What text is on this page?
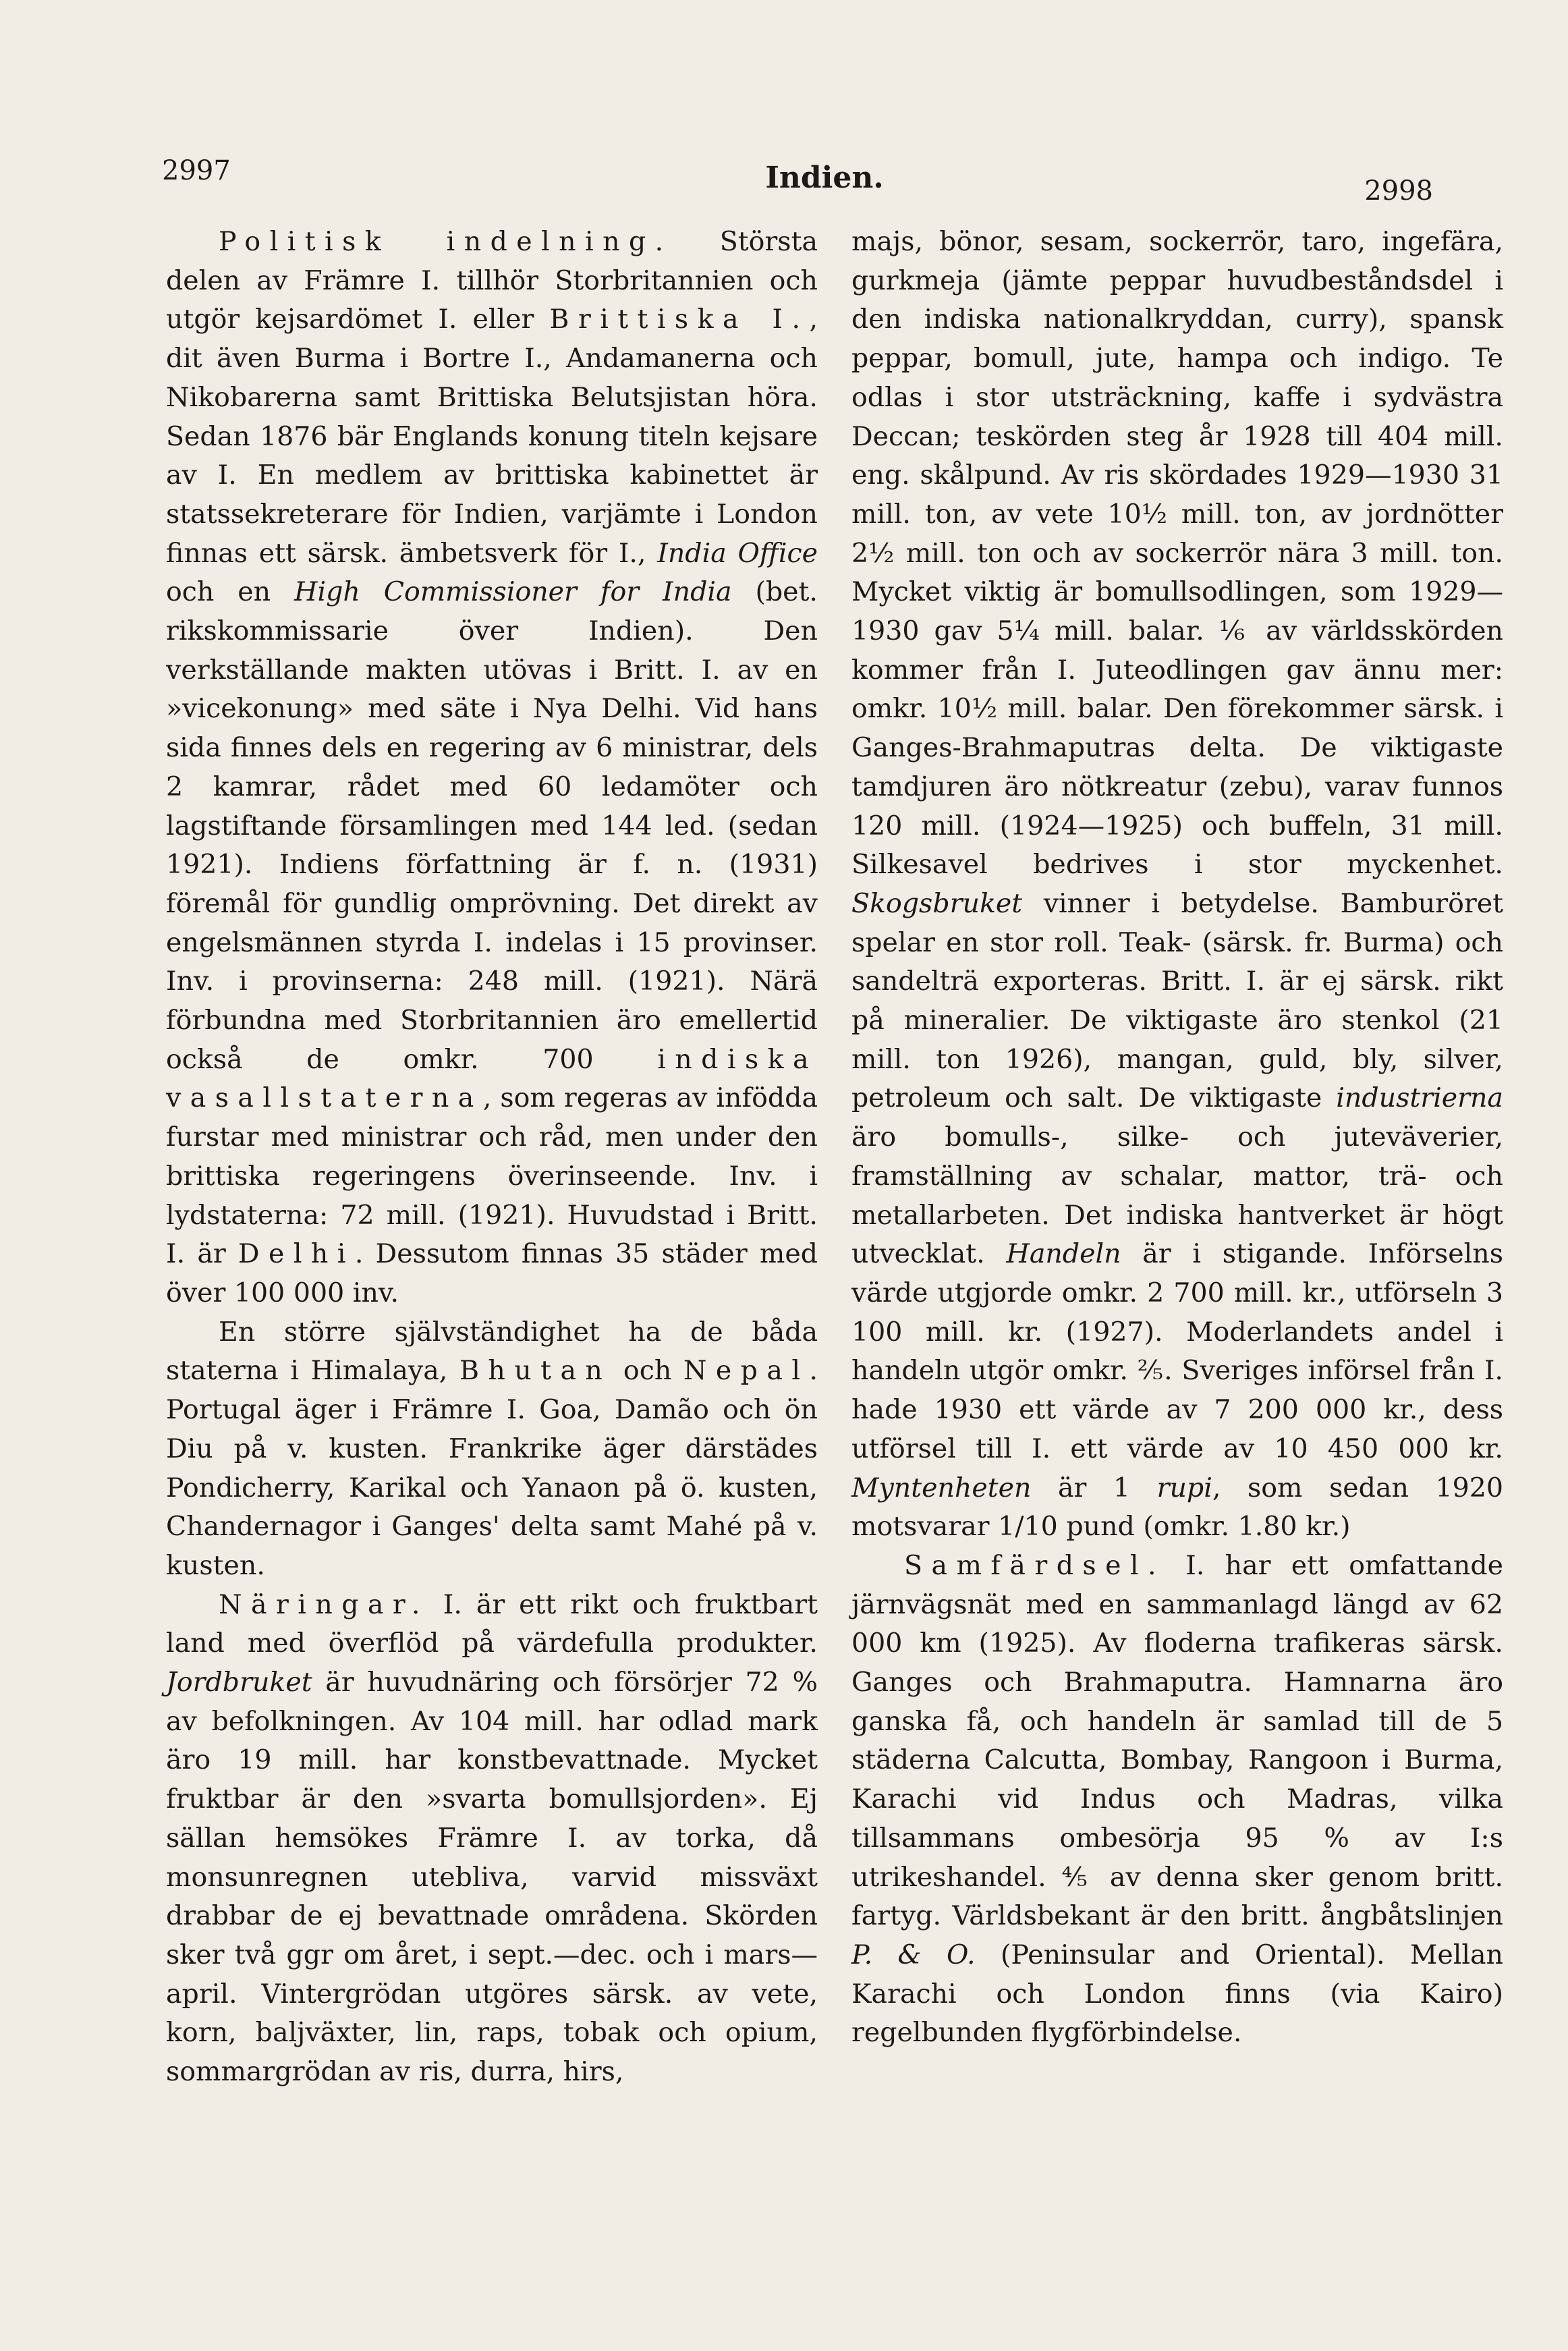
2997	Indien.	2998

Politisk indelning. Största delen av Främre I. tillhör Storbritannien och utgör kejsardömet I. eller Brittiska I., dit även Burma i Bortre I., Andamanerna och Nikobarerna samt Brittiska Belutsjistan höra. Sedan 1876 bär Englands konung titeln kejsare av I. En medlem av brittiska kabinettet är statssekreterare för Indien, varjämte i London finnas ett särsk. ämbetsverk för I., India Office och en High Commissioner for India (bet. rikskommissarie över Indien). Den verkställande makten utövas i Britt. I. av en »vicekonung» med säte i Nya Delhi. Vid hans sida finnes dels en regering av 6 ministrar, dels 2 kamrar, rådet med 60 ledamöter och lagstiftande församlingen med 144 led. (sedan 1921). Indiens författning är f. n. (1931) föremål för gundlig omprövning. Det direkt av engelsmännen styrda I. indelas i 15 provinser. Inv. i provinserna: 248 mill. (1921). Närä förbundna med Storbritannien äro emellertid också de omkr. 700 indiska vasallstaterna, som regeras av infödda furstar med ministrar och råd, men under den brittiska regeringens överinseende. Inv. i lydstaterna: 72 mill. (1921). Huvudstad i Britt. I. är Delhi. Dessutom finnas 35 städer med över 100 000 inv.

En större självständighet ha de båda staterna i Himalaya, Bhutan och Nepal. Portugal äger i Främre I. Goa, Damão och ön Diu på v. kusten. Frankrike äger därstädes Pondicherry, Karikal och Yanaon på ö. kusten, Chandernagor i Ganges' delta samt Mahé på v. kusten.

Näringar. I. är ett rikt och fruktbart land med överflöd på värdefulla produkter. Jordbruket är huvudnäring och försörjer 72 % av befolkningen. Av 104 mill. har odlad mark äro 19 mill. har konstbevattnade. Mycket fruktbar är den »svarta bomullsjorden». Ej sällan hemsökes Främre I. av torka, då monsunregnen utebliva, varvid missväxt drabbar de ej bevattnade områdena. Skörden sker två ggr om året, i sept.—dec. och i mars—april. Vintergrödan utgöres särsk. av vete, korn, baljväxter, lin, raps, tobak och opium, sommargrödan av ris, durra, hirs,

majs, bönor, sesam, sockerrör, taro, ingefära, gurkmeja (jämte peppar huvudbeståndsdel i den indiska nationalkryddan, curry), spansk peppar, bomull, jute, hampa och indigo. Te odlas i stor utsträckning, kaffe i sydvästra Deccan; teskörden steg år 1928 till 404 mill. eng. skålpund. Av ris skördades 1929—1930 31 mill. ton, av vete 10½ mill. ton, av jordnötter 2½ mill. ton och av sockerrör nära 3 mill. ton. Mycket viktig är bomullsodlingen, som 1929—1930 gav 5¼ mill. balar. ⅙ av världsskörden kommer från I. Juteodlingen gav ännu mer: omkr. 10½ mill. balar. Den förekommer särsk. i Ganges-Brahmaputras delta. De viktigaste tamdjuren äro nötkreatur (zebu), varav funnos 120 mill. (1924—1925) och buffeln, 31 mill. Silkesavel bedrives i stor myckenhet. Skogsbruket vinner i betydelse. Bamburöret spelar en stor roll. Teak- (särsk. fr. Burma) och sandelträ exporteras. Britt. I. är ej särsk. rikt på mineralier. De viktigaste äro stenkol (21 mill. ton 1926), mangan, guld, bly, silver, petroleum och salt. De viktigaste industrierna äro bomulls-, silke- och juteväverier, framställning av schalar, mattor, trä- och metallarbeten. Det indiska hantverket är högt utvecklat. Handeln är i stigande. Införselns värde utgjorde omkr. 2 700 mill. kr., utförseln 3 100 mill. kr. (1927). Moderlandets andel i handeln utgör omkr. ⅖. Sveriges införsel från I. hade 1930 ett värde av 7 200 000 kr., dess utförsel till I. ett värde av 10 450 000 kr. Myntenheten är 1 rupi, som sedan 1920 motsvarar 1/10 pund (omkr. 1.80 kr.)

Samfärdsel. I. har ett omfattande järnvägsnät med en sammanlagd längd av 62 000 km (1925). Av floderna trafikeras särsk. Ganges och Brahmaputra. Hamnarna äro ganska få, och handeln är samlad till de 5 städerna Calcutta, Bombay, Rangoon i Burma, Karachi vid Indus och Madras, vilka tillsammans ombesörja 95 % av I:s utrikeshandel. ⅘ av denna sker genom britt. fartyg. Världsbekant är den britt. ångbåtslinjen P. & O. (Peninsular and Oriental). Mellan Karachi och London finns (via Kairo) regelbunden flygförbindelse.
